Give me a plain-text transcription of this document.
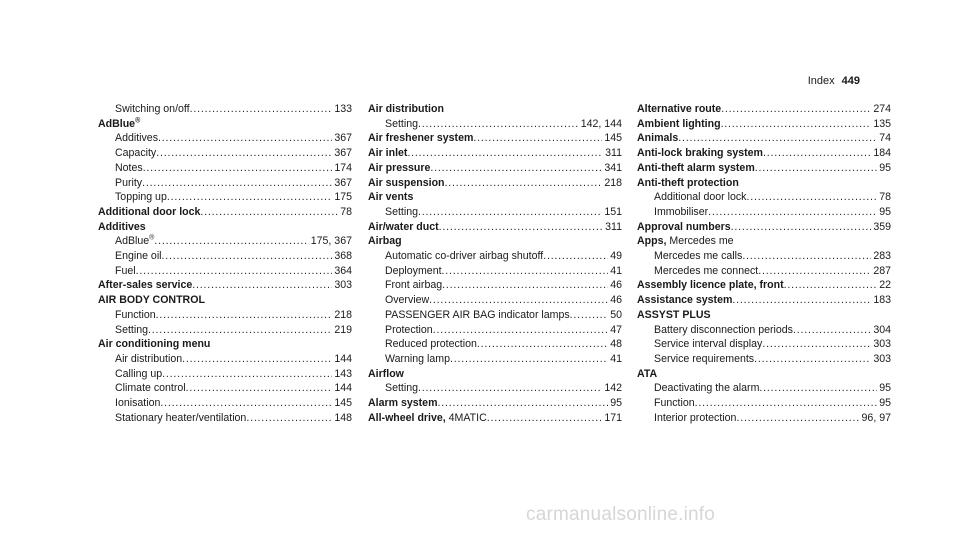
Index 449
Switching on/off .....	133
AdBlue®
Additives .....	367
Capacity .....	367
Notes .....	174
Purity .....	367
Topping up .....	175
Additional door lock .....	78
Additives
AdBlue® .....	175, 367
Engine oil .....	368
Fuel .....	364
After-sales service .....	303
AIR BODY CONTROL
Function .....	218
Setting .....	219
Air conditioning menu
Air distribution .....	144
Calling up .....	143
Climate control .....	144
Ionisation .....	145
Stationary heater/ventilation .....	148
Air distribution
Setting .....	142, 144
Air freshener system .....	145
Air inlet .....	311
Air pressure .....	341
Air suspension .....	218
Air vents
Setting .....	151
Air/water duct .....	311
Airbag
Automatic co-driver airbag shutoff .....	49
Deployment .....	41
Front airbag .....	46
Overview .....	46
PASSENGER AIR BAG indicator lamps .....	50
Protection .....	47
Reduced protection .....	48
Warning lamp .....	41
Airflow
Setting .....	142
Alarm system .....	95
All-wheel drive, 4MATIC .....	171
Alternative route .....	274
Ambient lighting .....	135
Animals .....	74
Anti-lock braking system .....	184
Anti-theft alarm system .....	95
Anti-theft protection
Additional door lock .....	78
Immobiliser .....	95
Approval numbers .....	359
Apps, Mercedes me
Mercedes me calls .....	283
Mercedes me connect .....	287
Assembly licence plate, front .....	22
Assistance system .....	183
ASSYST PLUS
Battery disconnection periods .....	304
Service interval display .....	303
Service requirements .....	303
ATA
Deactivating the alarm .....	95
Function .....	95
Interior protection .....	96, 97
carmanualsonline.info
